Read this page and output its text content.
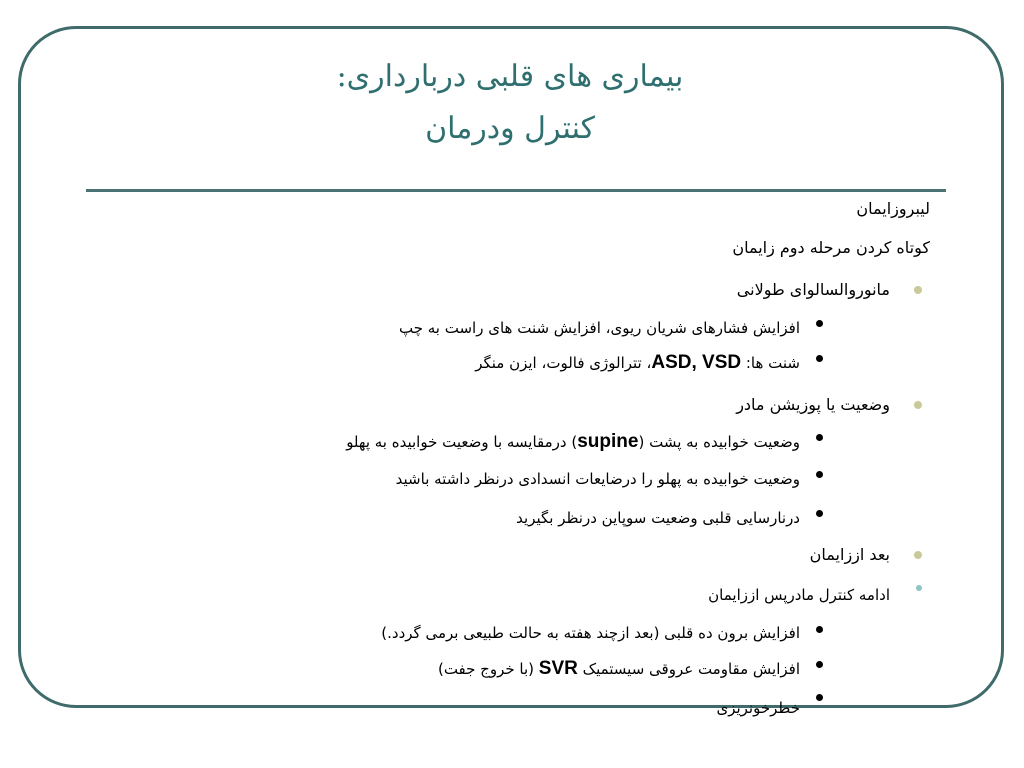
بیماری های قلبی دربارداری:
کنترل ودرمان
لیبروزایمان
کوتاه کردن مرحله دوم زایمان
مانوروالسالوای طولانی
افزایش فشارهای شریان ریوی، افزایش شنت های راست به چپ
شنت ها: ASD, VSD، تترالوژی فالوت، ایزن منگر
وضعیت یا پوزیشن مادر
وضعیت خوابیده به پشت (supine) درمقایسه با وضعیت خوابیده به پهلو
وضعیت خوابیده به پهلو را درضایعات انسدادی درنظر داشته باشید
درنارسایی قلبی وضعیت سوپاین درنظر بگیرید
بعد اززایمان
ادامه کنترل مادرپس اززایمان
افزایش برون ده قلبی (بعد ازچند هفته به حالت طبیعی برمی گردد.)
افزایش مقاومت عروقی سیستمیک SVR (با خروج جفت)
خطرخونریزی
